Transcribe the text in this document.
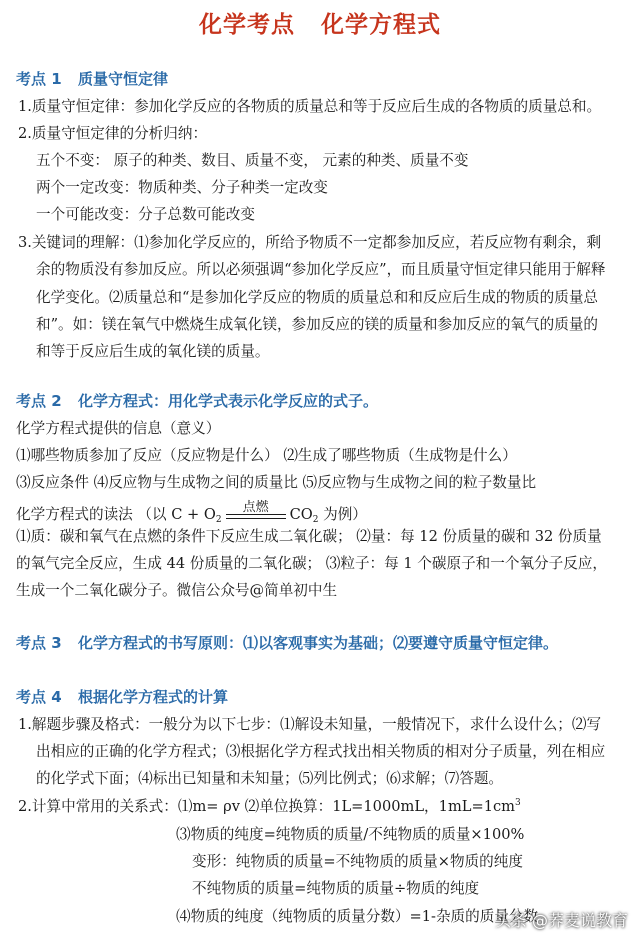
化学考点 化学方程式
考点 1 质量守恒定律
1.质量守恒定律：参加化学反应的各物质的质量总和等于反应后生成的各物质的质量总和。
2.质量守恒定律的分析归纳：
五个不变： 原子的种类、数目、质量不变， 元素的种类、质量不变
两个一定改变：物质种类、分子种类一定改变
一个可能改变：分子总数可能改变
3.关键词的理解：⑴参加化学反应的，所给予物质不一定都参加反应，若反应物有剩余，剩
余的物质没有参加反应。所以必须强调“参加化学反应”，而且质量守恒定律只能用于解释
化学变化。⑵质量总和“是参加化学反应的物质的质量总和和反应后生成的物质的质量总
和”。如：镁在氧气中燃烧生成氧化镁，参加反应的镁的质量和参加反应的氧气的质量的
和等于反应后生成的氧化镁的质量。
考点 2 化学方程式：用化学式表示化学反应的式子。
化学方程式提供的信息（意义）
⑴哪些物质参加了反应（反应物是什么） ⑵生成了哪些物质（生成物是什么）
⑶反应条件 ⑷反应物与生成物之间的质量比 ⑸反应物与生成物之间的粒子数量比
化学方程式的读法 （以 $C + O_2$点燃 $CO_2$ 为例）
⑴质：碳和氧气在点燃的条件下反应生成二氧化碳； ⑵量：每 12 份质量的碳和 32 份质量
的氧气完全反应，生成 44 份质量的二氧化碳； ⑶粒子：每 1 个碳原子和一个氧分子反应，
生成一个二氧化碳分子。微信公众号@简单初中生
考点 3 化学方程式的书写原则：⑴以客观事实为基础；⑵要遵守质量守恒定律。
考点 4 根据化学方程式的计算
1.解题步骤及格式：一般分为以下七步：⑴解设未知量，一般情况下，求什么设什么；⑵写
出相应的正确的化学方程式；⑶根据化学方程式找出相关物质的相对分子质量，列在相应
的化学式下面；⑷标出已知量和未知量；⑸列比例式；⑹求解；⑺答题。
2.计算中常用的关系式：⑴m= ρv ⑵单位换算：1L=1000mL，$1mL=1cm^3$
⑶物质的纯度=纯物质的质量/不纯物质的质量×100%
变形：纯物质的质量=不纯物质的质量×物质的纯度
不纯物质的质量=纯物质的质量÷物质的纯度
⑷物质的纯度（纯物质的质量分数）=1-杂质的质量分数
头条 @荞麦说教育
